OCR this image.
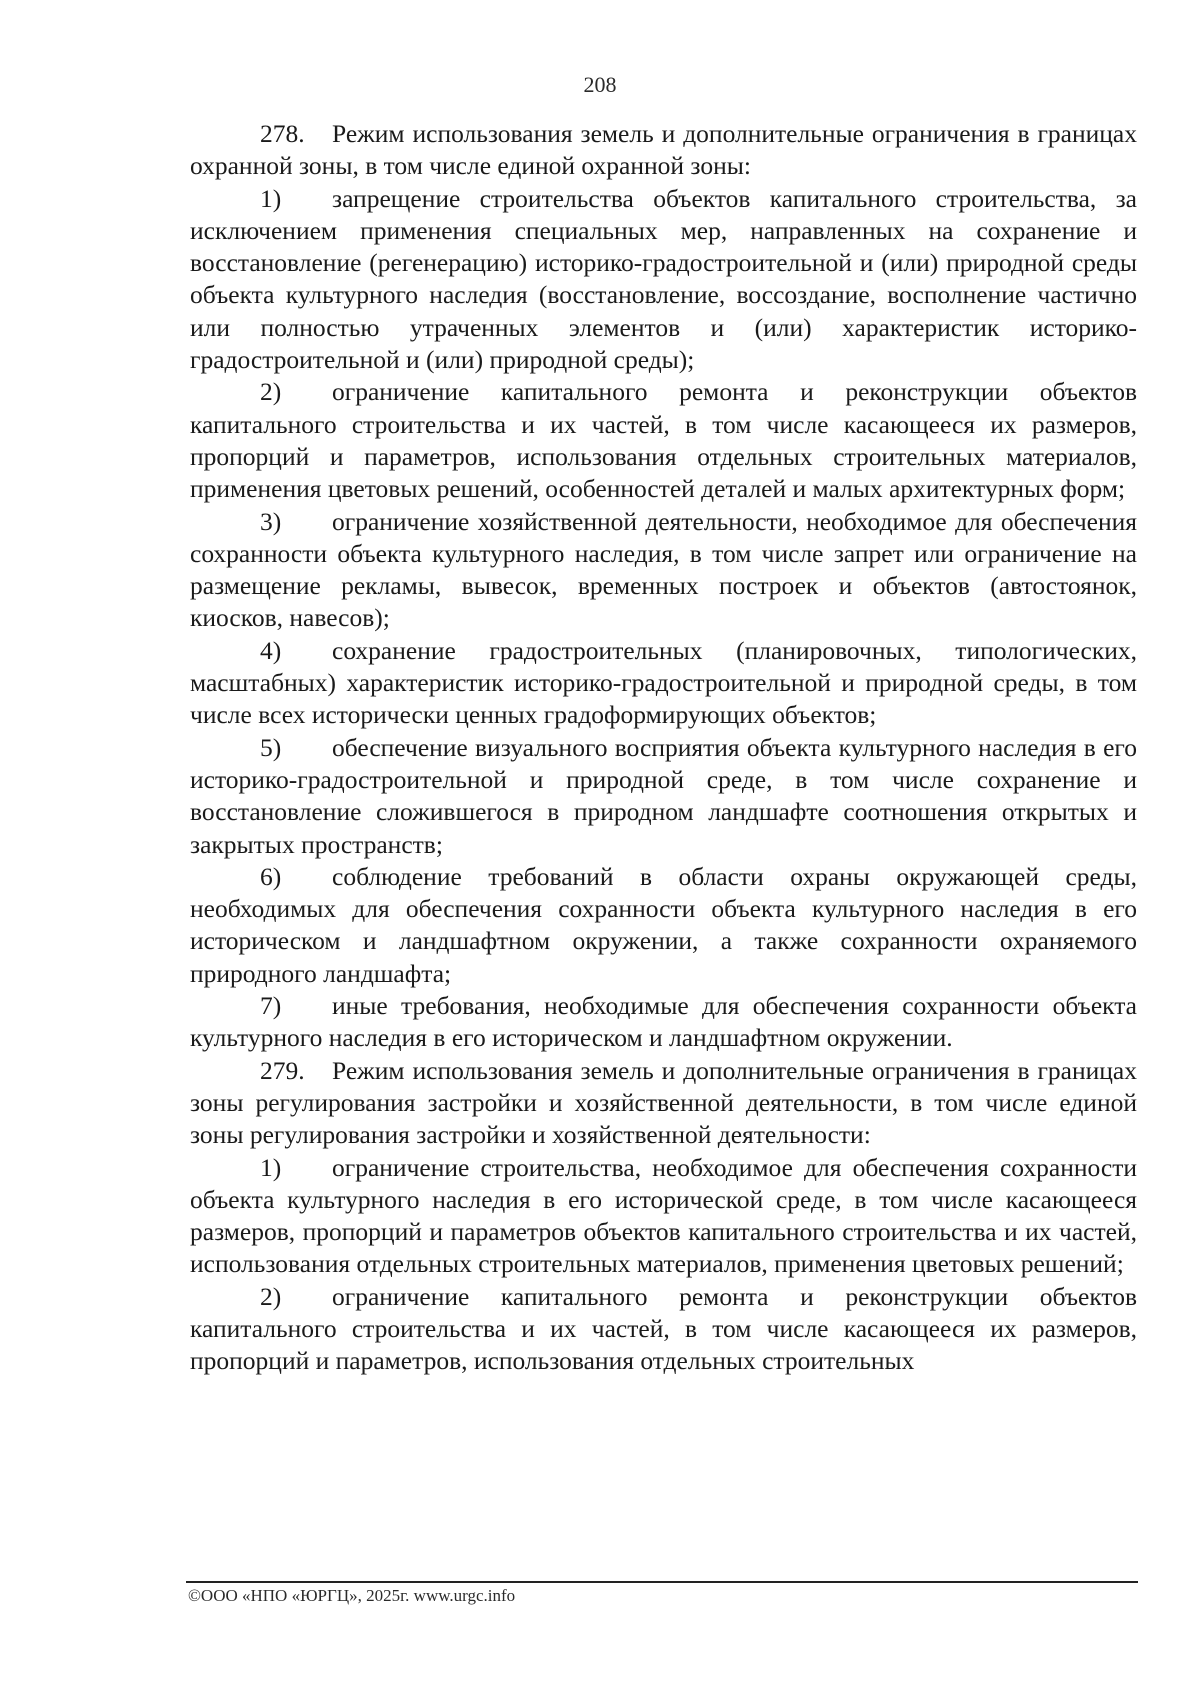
208

278. Режим использования земель и дополнительные ограничения в границах охранной зоны, в том числе единой охранной зоны:

1) запрещение строительства объектов капитального строительства, за исключением применения специальных мер, направленных на сохранение и восстановление (регенерацию) историко-градостроительной и (или) природной среды объекта культурного наследия (восстановление, воссоздание, восполнение частично или полностью утраченных элементов и (или) характеристик историко-градостроительной и (или) природной среды);

2) ограничение капитального ремонта и реконструкции объектов капитального строительства и их частей, в том числе касающееся их размеров, пропорций и параметров, использования отдельных строительных материалов, применения цветовых решений, особенностей деталей и малых архитектурных форм;

3) ограничение хозяйственной деятельности, необходимое для обеспечения сохранности объекта культурного наследия, в том числе запрет или ограничение на размещение рекламы, вывесок, временных построек и объектов (автостоянок, киосков, навесов);

4) сохранение градостроительных (планировочных, типологических, масштабных) характеристик историко-градостроительной и природной среды, в том числе всех исторически ценных градоформирующих объектов;

5) обеспечение визуального восприятия объекта культурного наследия в его историко-градостроительной и природной среде, в том числе сохранение и восстановление сложившегося в природном ландшафте соотношения открытых и закрытых пространств;

6) соблюдение требований в области охраны окружающей среды, необходимых для обеспечения сохранности объекта культурного наследия в его историческом и ландшафтном окружении, а также сохранности охраняемого природного ландшафта;

7) иные требования, необходимые для обеспечения сохранности объекта культурного наследия в его историческом и ландшафтном окружении.

279. Режим использования земель и дополнительные ограничения в границах зоны регулирования застройки и хозяйственной деятельности, в том числе единой зоны регулирования застройки и хозяйственной деятельности:

1) ограничение строительства, необходимое для обеспечения сохранности объекта культурного наследия в его исторической среде, в том числе касающееся размеров, пропорций и параметров объектов капитального строительства и их частей, использования отдельных строительных материалов, применения цветовых решений;

2) ограничение капитального ремонта и реконструкции объектов капитального строительства и их частей, в том числе касающееся их размеров, пропорций и параметров, использования отдельных строительных

©ООО «НПО «ЮРГЦ», 2025г. www.urgc.info
